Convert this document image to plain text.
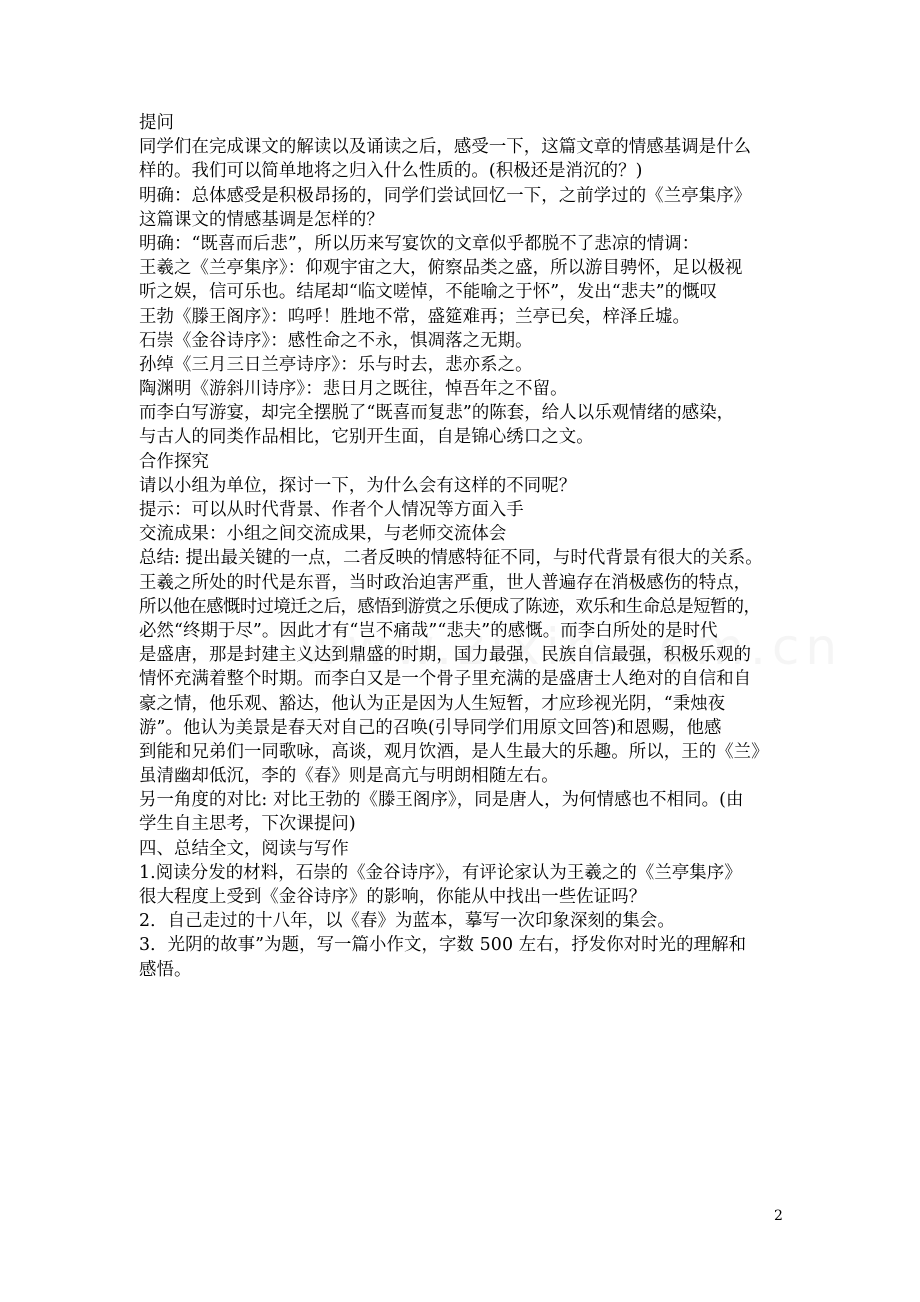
提问
同学们在完成课文的解读以及诵读之后，感受一下，这篇文章的情感基调是什么
样的。我们可以简单地将之归入什么性质的。(积极还是消沉的？)
明确：总体感受是积极昂扬的，同学们尝试回忆一下，之前学过的《兰亭集序》
这篇课文的情感基调是怎样的？
明确：“既喜而后悲”，所以历来写宴饮的文章似乎都脱不了悲凉的情调：
王羲之《兰亭集序》：仰观宇宙之大，俯察品类之盛，所以游目骋怀，足以极视
听之娱，信可乐也。结尾却“临文嗟悼，不能喻之于怀”，发出“悲夫”的慨叹
王勃《滕王阁序》：呜呼！胜地不常，盛筵难再；兰亭已矣，梓泽丘墟。
石崇《金谷诗序》：感性命之不永，惧凋落之无期。
孙绰《三月三日兰亭诗序》：乐与时去，悲亦系之。
陶渊明《游斜川诗序》：悲日月之既往，悼吾年之不留。
而李白写游宴，却完全摆脱了“既喜而复悲”的陈套，给人以乐观情绪的感染，
与古人的同类作品相比，它别开生面，自是锦心绣口之文。
合作探究
请以小组为单位，探讨一下，为什么会有这样的不同呢？
提示：可以从时代背景、作者个人情况等方面入手
交流成果：小组之间交流成果，与老师交流体会
总结: 提出最关键的一点，二者反映的情感特征不同，与时代背景有很大的关系。
王羲之所处的时代是东晋，当时政治迫害严重，世人普遍存在消极感伤的特点，
所以他在感慨时过境迁之后，感悟到游赏之乐便成了陈迹，欢乐和生命总是短暂的，
必然“终期于尽”。因此才有“岂不痛哉”“悲夫”的感慨。而李白所处的是时代
是盛唐，那是封建主义达到鼎盛的时期，国力最强，民族自信最强，积极乐观的
情怀充满着整个时期。而李白又是一个骨子里充满的是盛唐士人绝对的自信和自
豪之情，他乐观、豁达，他认为正是因为人生短暂，才应珍视光阴，“秉烛夜
游”。他认为美景是春天对自己的召唤(引导同学们用原文回答)和恩赐，他感
到能和兄弟们一同歌咏，高谈，观月饮酒，是人生最大的乐趣。所以，王的《兰》
虽清幽却低沉，李的《春》则是高亢与明朗相随左右。
另一角度的对比: 对比王勃的《滕王阁序》，同是唐人，为何情感也不相同。(由
学生自主思考，下次课提问)
四、总结全文，阅读与写作
1.阅读分发的材料，石崇的《金谷诗序》，有评论家认为王羲之的《兰亭集序》
很大程度上受到《金谷诗序》的影响，你能从中找出一些佐证吗？
2．自己走过的十八年，以《春》为蓝本，摹写一次印象深刻的集会。
3．光阴的故事”为题，写一篇小作文，字数 500 左右，抒发你对时光的理解和
感悟。
2
